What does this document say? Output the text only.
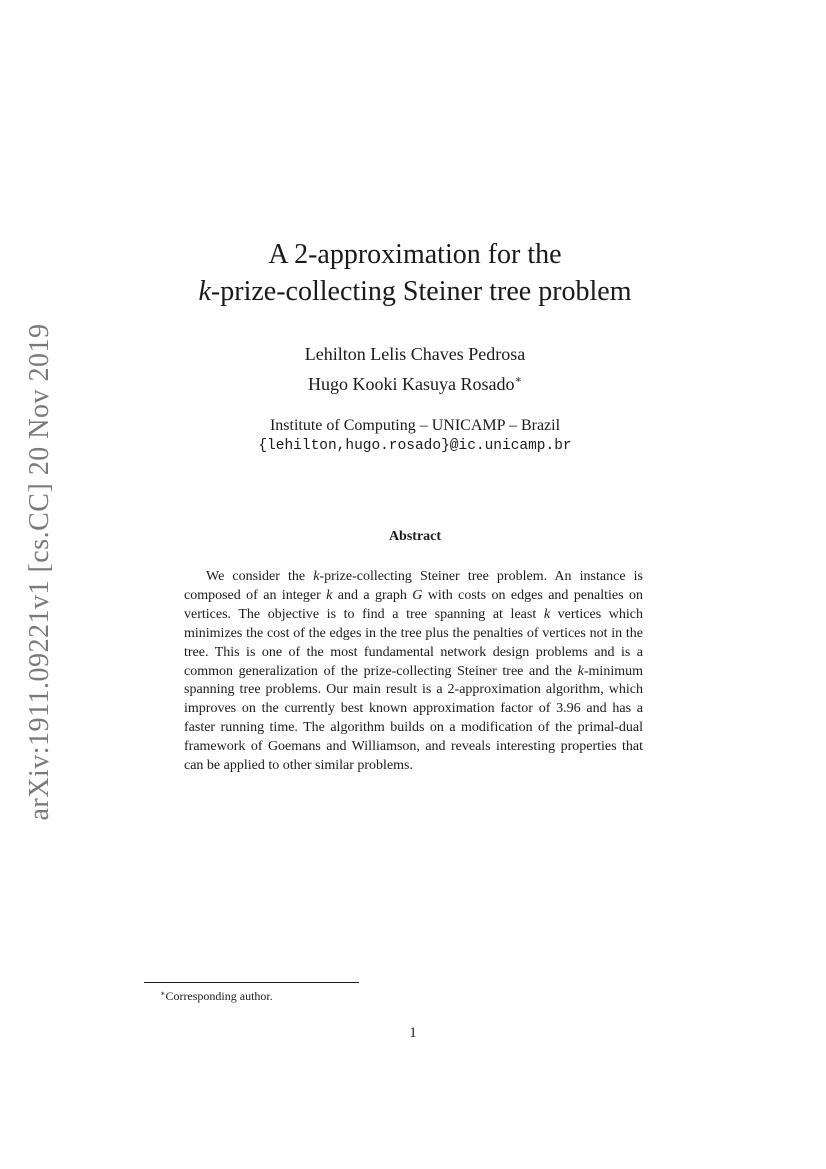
arXiv:1911.09221v1 [cs.CC] 20 Nov 2019
A 2-approximation for the
k-prize-collecting Steiner tree problem
Lehilton Lelis Chaves Pedrosa
Hugo Kooki Kasuya Rosado∗
Institute of Computing – UNICAMP – Brazil
{lehilton,hugo.rosado}@ic.unicamp.br
Abstract

We consider the k-prize-collecting Steiner tree problem. An instance is composed of an integer k and a graph G with costs on edges and penalties on vertices. The objective is to find a tree spanning at least k vertices which minimizes the cost of the edges in the tree plus the penalties of vertices not in the tree. This is one of the most fundamental network design problems and is a common generalization of the prize-collecting Steiner tree and the k-minimum spanning tree problems. Our main result is a 2-approximation algorithm, which improves on the currently best known approximation factor of 3.96 and has a faster running time. The algorithm builds on a modification of the primal-dual framework of Goemans and Williamson, and reveals interesting properties that can be applied to other similar problems.

∗Corresponding author.
1
